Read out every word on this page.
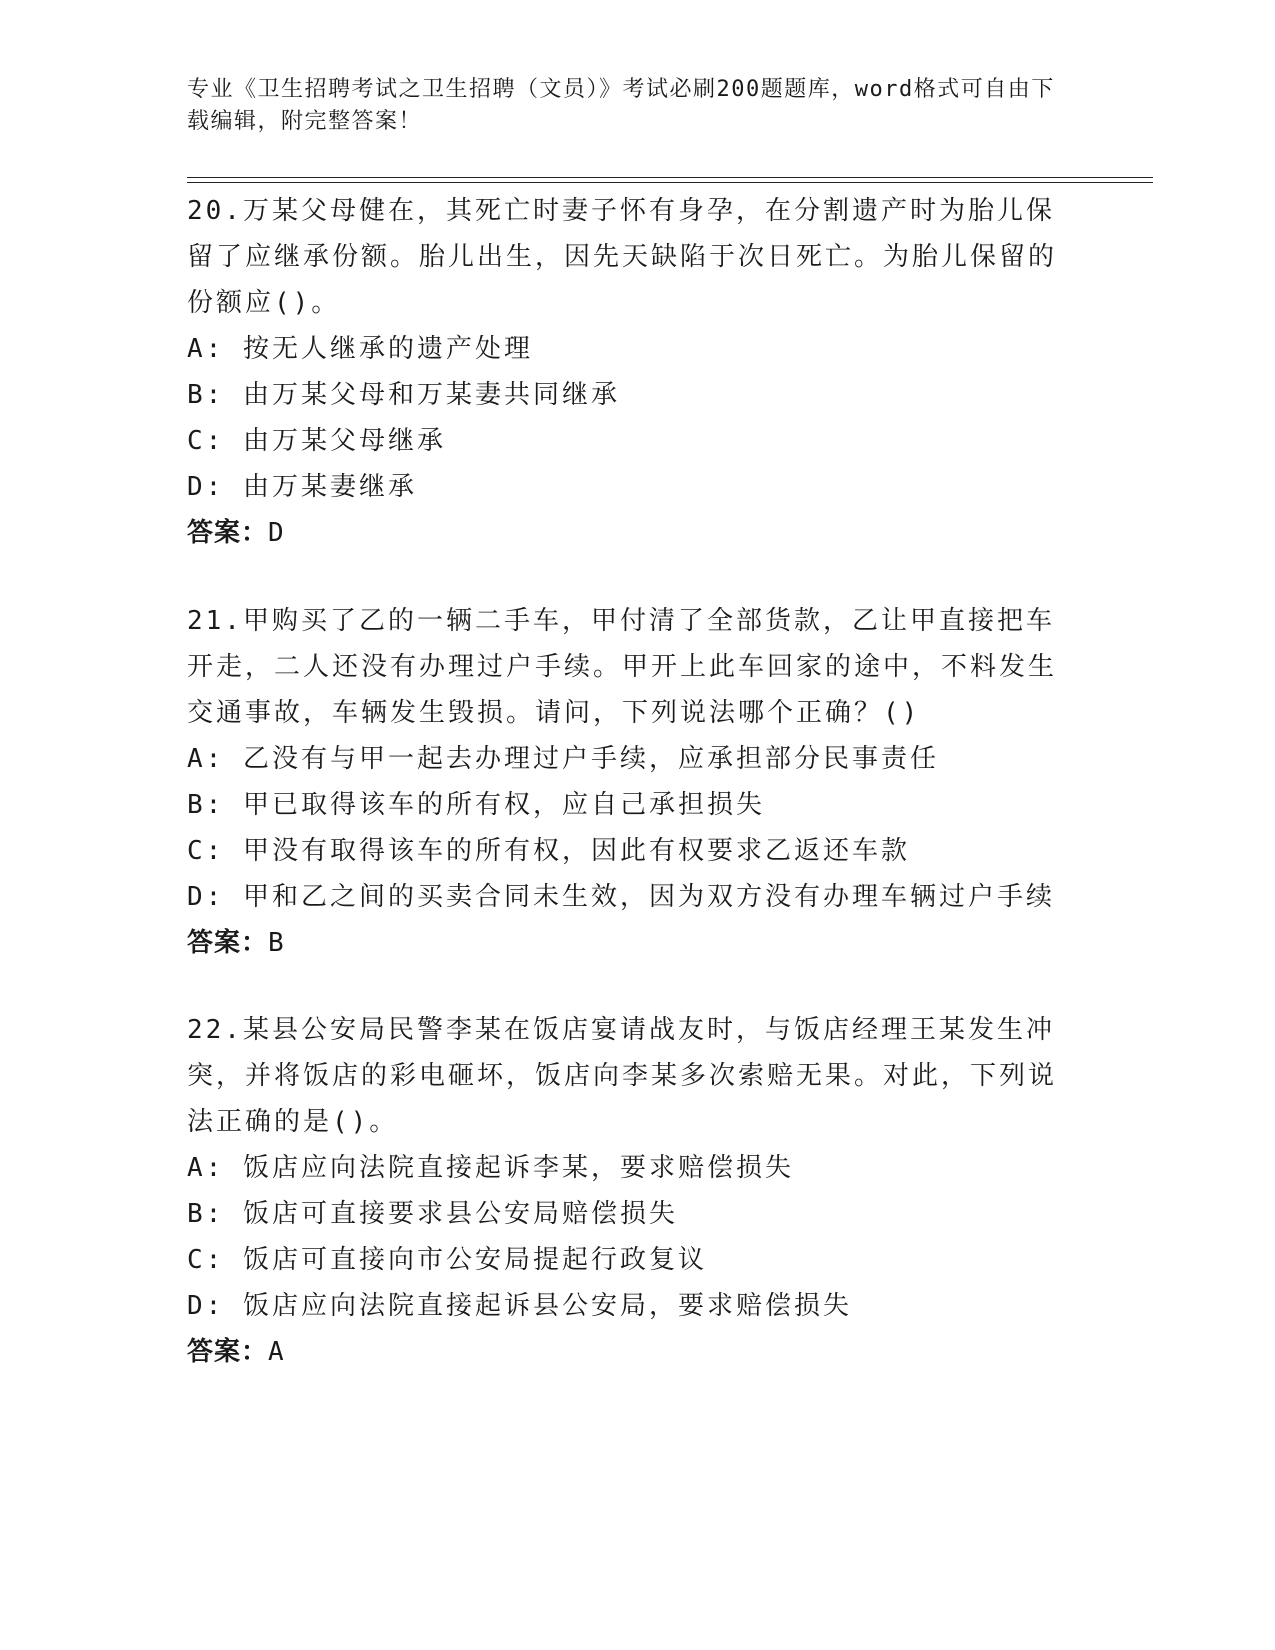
专业《卫生招聘考试之卫生招聘（文员）》考试必刷200题题库，word格式可自由下载编辑，附完整答案！

20.万某父母健在，其死亡时妻子怀有身孕，在分割遗产时为胎儿保留了应继承份额。胎儿出生，因先天缺陷于次日死亡。为胎儿保留的份额应()。

A: 按无人继承的遗产处理

B: 由万某父母和万某妻共同继承

C: 由万某父母继承

D: 由万某妻继承

答案：D

21.甲购买了乙的一辆二手车，甲付清了全部货款，乙让甲直接把车开走，二人还没有办理过户手续。甲开上此车回家的途中，不料发生交通事故，车辆发生毁损。请问，下列说法哪个正确？()

A: 乙没有与甲一起去办理过户手续，应承担部分民事责任

B: 甲已取得该车的所有权，应自己承担损失

C: 甲没有取得该车的所有权，因此有权要求乙返还车款

D: 甲和乙之间的买卖合同未生效，因为双方没有办理车辆过户手续

答案：B

22.某县公安局民警李某在饭店宴请战友时，与饭店经理王某发生冲突，并将饭店的彩电砸坏，饭店向李某多次索赔无果。对此，下列说法正确的是()。

A: 饭店应向法院直接起诉李某，要求赔偿损失

B: 饭店可直接要求县公安局赔偿损失

C: 饭店可直接向市公安局提起行政复议

D: 饭店应向法院直接起诉县公安局，要求赔偿损失

答案：A
